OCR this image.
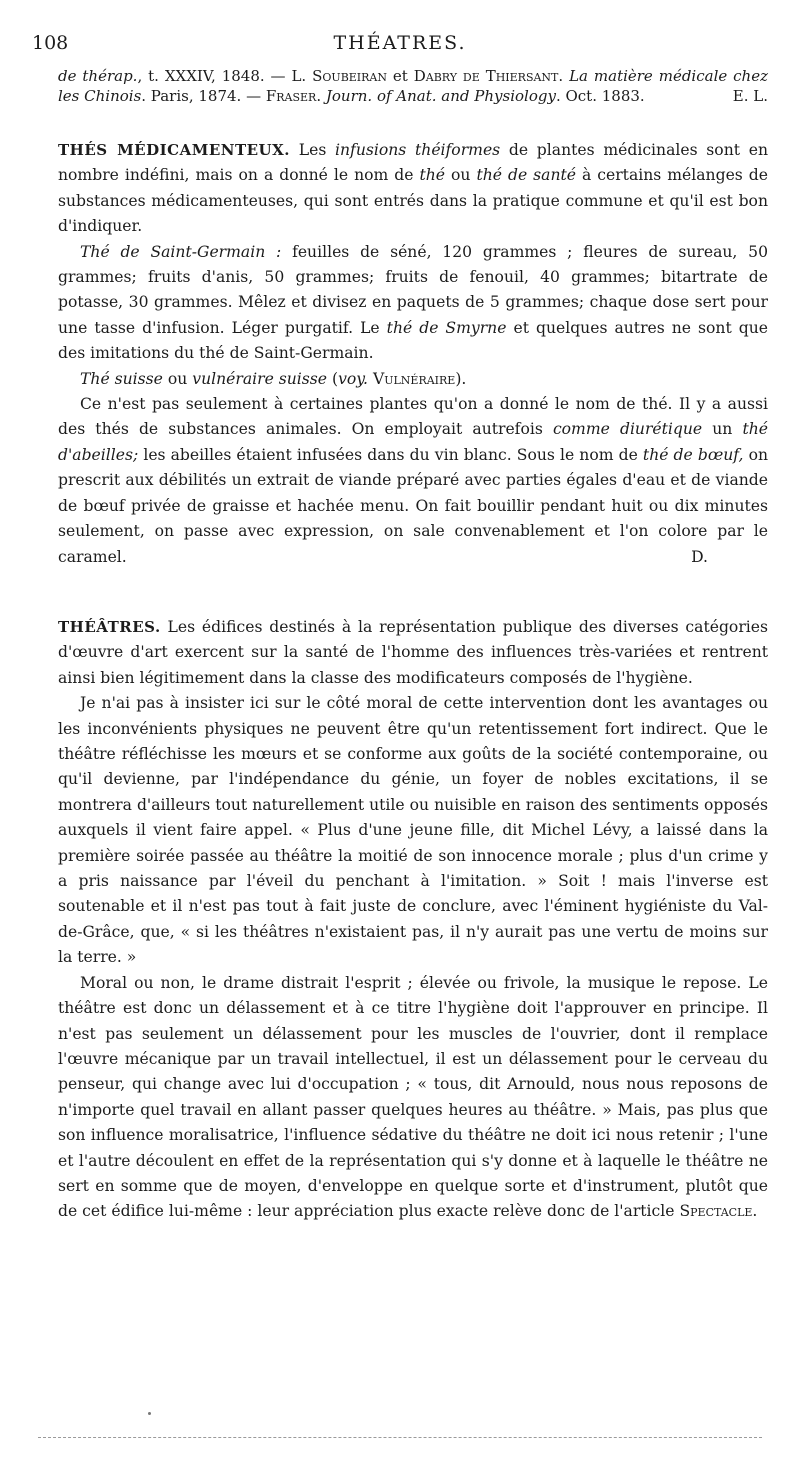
108	THÉATRES.
de thérap., t. XXXIV, 1848. — L. Soubeiran et Dabry de Thiersant. La matière médicale chez les Chinois. Paris, 1874. — Fraser. Journ. of Anat. and Physiology. Oct. 1883.	E. L.

THÉS MÉDICAMENTEUX. Les infusions théiformes de plantes médicinales sont en nombre indéfini, mais on a donné le nom de thé ou thé de santé à certains mélanges de substances médicamenteuses, qui sont entrés dans la pratique commune et qu'il est bon d'indiquer.

Thé de Saint-Germain : feuilles de séné, 120 grammes ; fleures de sureau, 50 grammes; fruits d'anis, 50 grammes; fruits de fenouil, 40 grammes; bitartrate de potasse, 30 grammes. Mêlez et divisez en paquets de 5 grammes; chaque dose sert pour une tasse d'infusion. Léger purgatif. Le thé de Smyrne et quelques autres ne sont que des imitations du thé de Saint-Germain.

Thé suisse ou vulnéraire suisse (voy. Vulnéraire).

Ce n'est pas seulement à certaines plantes qu'on a donné le nom de thé. Il y a aussi des thés de substances animales. On employait autrefois comme diurétique un thé d'abeilles; les abeilles étaient infusées dans du vin blanc. Sous le nom de thé de bœuf, on prescrit aux débilités un extrait de viande préparé avec parties égales d'eau et de viande de bœuf privée de graisse et hachée menu. On fait bouillir pendant huit ou dix minutes seulement, on passe avec expression, on sale convenablement et l'on colore par le caramel.	D.

THÉÂTRES. Les édifices destinés à la représentation publique des diverses catégories d'œuvre d'art exercent sur la santé de l'homme des influences très-variées et rentrent ainsi bien légitimement dans la classe des modificateurs composés de l'hygiène.

Je n'ai pas à insister ici sur le côté moral de cette intervention dont les avantages ou les inconvénients physiques ne peuvent être qu'un retentissement fort indirect. Que le théâtre réfléchisse les mœurs et se conforme aux goûts de la société contemporaine, ou qu'il devienne, par l'indépendance du génie, un foyer de nobles excitations, il se montrera d'ailleurs tout naturellement utile ou nuisible en raison des sentiments opposés auxquels il vient faire appel. « Plus d'une jeune fille, dit Michel Lévy, a laissé dans la première soirée passée au théâtre la moitié de son innocence morale ; plus d'un crime y a pris naissance par l'éveil du penchant à l'imitation. » Soit ! mais l'inverse est soutenable et il n'est pas tout à fait juste de conclure, avec l'éminent hygiéniste du Val-de-Grâce, que, « si les théâtres n'existaient pas, il n'y aurait pas une vertu de moins sur la terre. »

Moral ou non, le drame distrait l'esprit ; élevée ou frivole, la musique le repose. Le théâtre est donc un délassement et à ce titre l'hygiène doit l'approuver en principe. Il n'est pas seulement un délassement pour les muscles de l'ouvrier, dont il remplace l'œuvre mécanique par un travail intellectuel, il est un délassement pour le cerveau du penseur, qui change avec lui d'occupation ; « tous, dit Arnould, nous nous reposons de n'importe quel travail en allant passer quelques heures au théâtre. » Mais, pas plus que son influence moralisatrice, l'influence sédative du théâtre ne doit ici nous retenir ; l'une et l'autre découlent en effet de la représentation qui s'y donne et à laquelle le théâtre ne sert en somme que de moyen, d'enveloppe en quelque sorte et d'instrument, plutôt que de cet édifice lui-même : leur appréciation plus exacte relève donc de l'article Spectacle.
